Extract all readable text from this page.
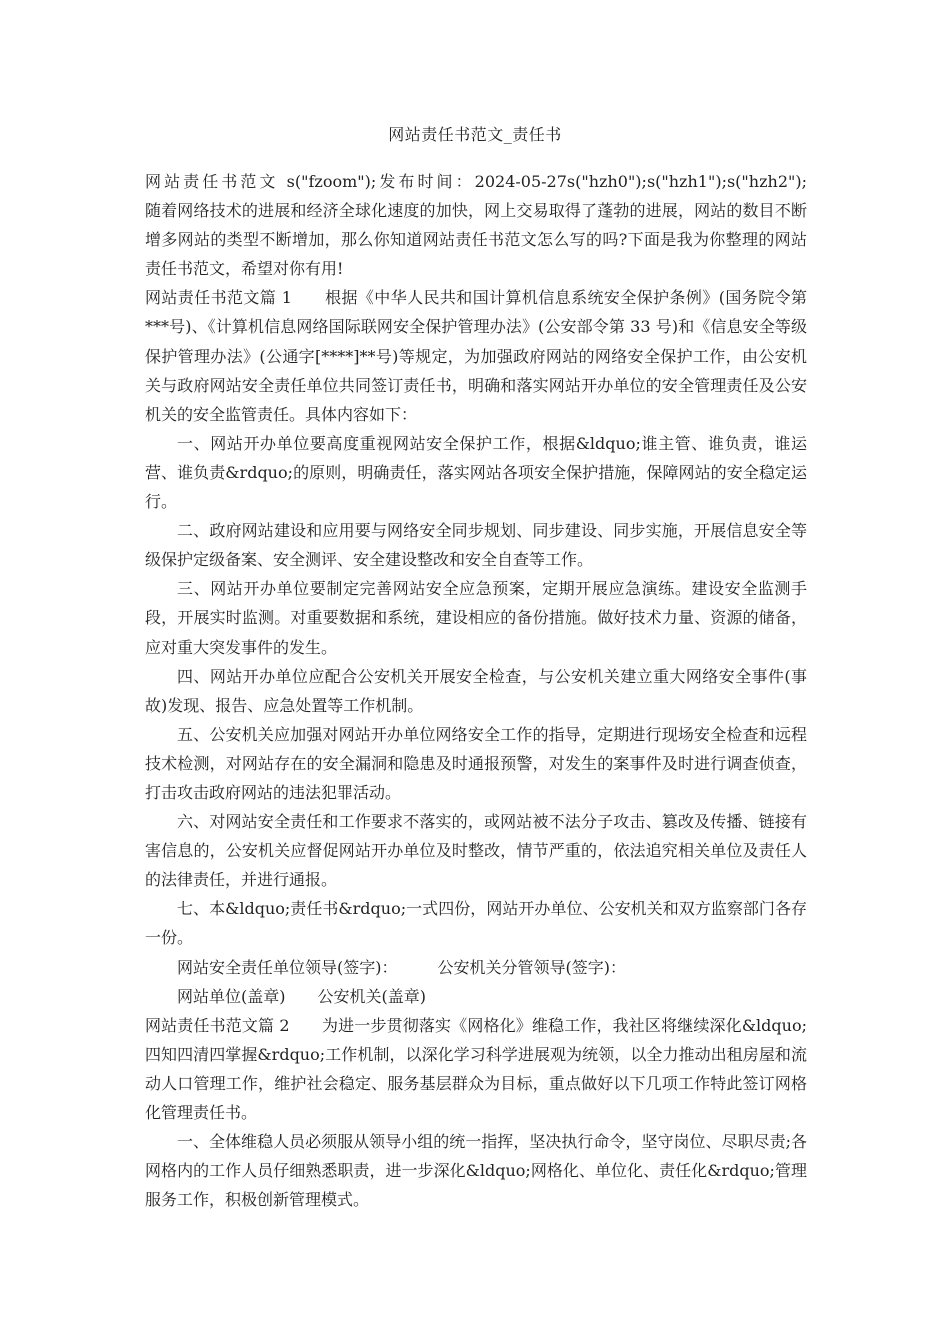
网站责任书范文_责任书

网站责任书范文 s("fzoom");发布时间：2024-05-27s("hzh0");s("hzh1");s("hzh2");　　随着网络技术的进展和经济全球化速度的加快，网上交易取得了蓬勃的进展，网站的数目不断增多网站的类型不断增加，那么你知道网站责任书范文怎么写的吗?下面是我为你整理的网站责任书范文，希望对你有用!

网站责任书范文篇 1　　根据《中华人民共和国计算机信息系统安全保护条例》(国务院令第***号)、《计算机信息网络国际联网安全保护管理办法》(公安部令第 33 号)和《信息安全等级保护管理办法》(公通字[****]**号)等规定，为加强政府网站的网络安全保护工作，由公安机关与政府网站安全责任单位共同签订责任书，明确和落实网站开办单位的安全管理责任及公安机关的安全监管责任。具体内容如下：

一、网站开办单位要高度重视网站安全保护工作，根据&ldquo;谁主管、谁负责，谁运营、谁负责&rdquo;的原则，明确责任，落实网站各项安全保护措施，保障网站的安全稳定运行。

二、政府网站建设和应用要与网络安全同步规划、同步建设、同步实施，开展信息安全等级保护定级备案、安全测评、安全建设整改和安全自查等工作。

三、网站开办单位要制定完善网站安全应急预案，定期开展应急演练。建设安全监测手段，开展实时监测。对重要数据和系统，建设相应的备份措施。做好技术力量、资源的储备，应对重大突发事件的发生。

四、网站开办单位应配合公安机关开展安全检查，与公安机关建立重大网络安全事件(事故)发现、报告、应急处置等工作机制。

五、公安机关应加强对网站开办单位网络安全工作的指导，定期进行现场安全检查和远程技术检测，对网站存在的安全漏洞和隐患及时通报预警，对发生的案事件及时进行调查侦查，打击攻击政府网站的违法犯罪活动。

六、对网站安全责任和工作要求不落实的，或网站被不法分子攻击、篡改及传播、链接有害信息的，公安机关应督促网站开办单位及时整改，情节严重的，依法追究相关单位及责任人的法律责任，并进行通报。

七、本&ldquo;责任书&rdquo;一式四份，网站开办单位、公安机关和双方监察部门各存一份。

网站安全责任单位领导(签字)：　　　公安机关分管领导(签字)：

网站单位(盖章)　　公安机关(盖章)

网站责任书范文篇 2　　为进一步贯彻落实《网格化》维稳工作，我社区将继续深化&ldquo;四知四清四掌握&rdquo;工作机制，以深化学习科学进展观为统领，以全力推动出租房屋和流动人口管理工作，维护社会稳定、服务基层群众为目标，重点做好以下几项工作特此签订网格化管理责任书。

一、全体维稳人员必须服从领导小组的统一指挥，坚决执行命令，坚守岗位、尽职尽责;各网格内的工作人员仔细熟悉职责，进一步深化&ldquo;网格化、单位化、责任化&rdquo;管理服务工作，积极创新管理模式。
